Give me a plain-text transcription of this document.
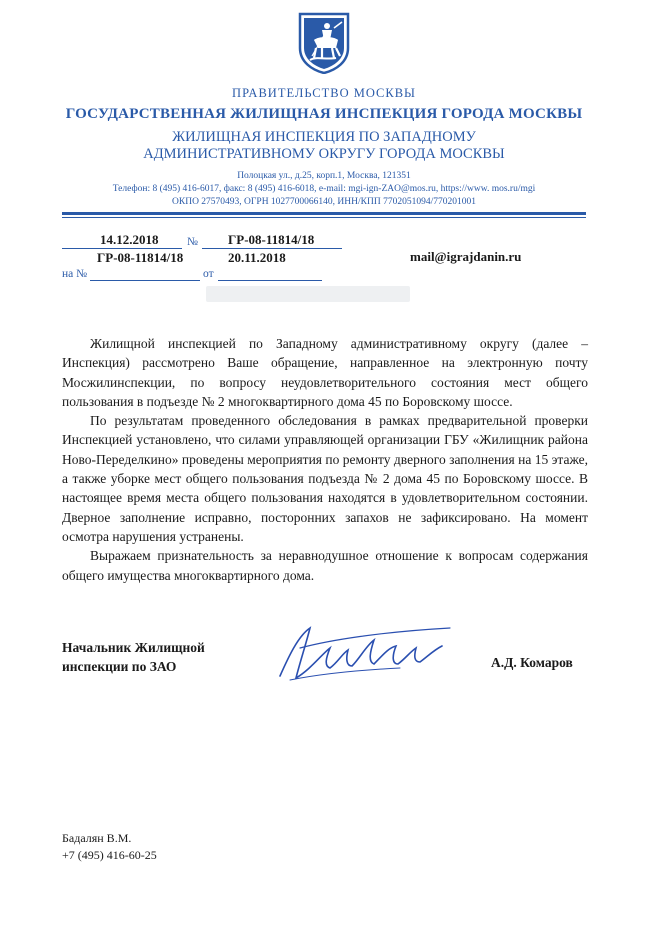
ПРАВИТЕЛЬСТВО МОСКВЫ
ГОСУДАРСТВЕННАЯ ЖИЛИЩНАЯ ИНСПЕКЦИЯ ГОРОДА МОСКВЫ
ЖИЛИЩНАЯ ИНСПЕКЦИЯ ПО ЗАПАДНОМУ
АДМИНИСТРАТИВНОМУ ОКРУГУ ГОРОДА МОСКВЫ
Полоцкая ул., д.25, корп.1, Москва, 121351
Телефон: 8 (495) 416-6017, факс: 8 (495) 416-6018, e-mail: mgi-ign-ZAO@mos.ru, https://www. mos.ru/mgi
ОКПО 27570493, ОГРН 1027700066140, ИНН/КПП 7702051094/770201001
14.12.2018 № ГР-08-11814/18
ГР-08-11814/18	20.11.2018
на №	от
mail@igrajdanin.ru

Жилищной инспекцией по Западному административному округу (далее – Инспекция) рассмотрено Ваше обращение, направленное на электронную почту Мосжилинспекции, по вопросу неудовлетворительного состояния мест общего пользования в подъезде № 2 многоквартирного дома 45 по Боровскому шоссе.

По результатам проведенного обследования в рамках предварительной проверки Инспекцией установлено, что силами управляющей организации ГБУ «Жилищник района Ново-Переделкино» проведены мероприятия по ремонту дверного заполнения на 15 этаже, а также уборке мест общего пользования подъезда № 2 дома 45 по Боровскому шоссе. В настоящее время места общего пользования находятся в удовлетворительном состоянии. Дверное заполнение исправно, посторонних запахов не зафиксировано. На момент осмотра нарушения устранены.

Выражаем признательность за неравнодушное отношение к вопросам содержания общего имущества многоквартирного дома.

Начальник Жилищной
инспекции по ЗАО	А.Д. Комаров
Бадалян В.М.
+7 (495) 416-60-25
